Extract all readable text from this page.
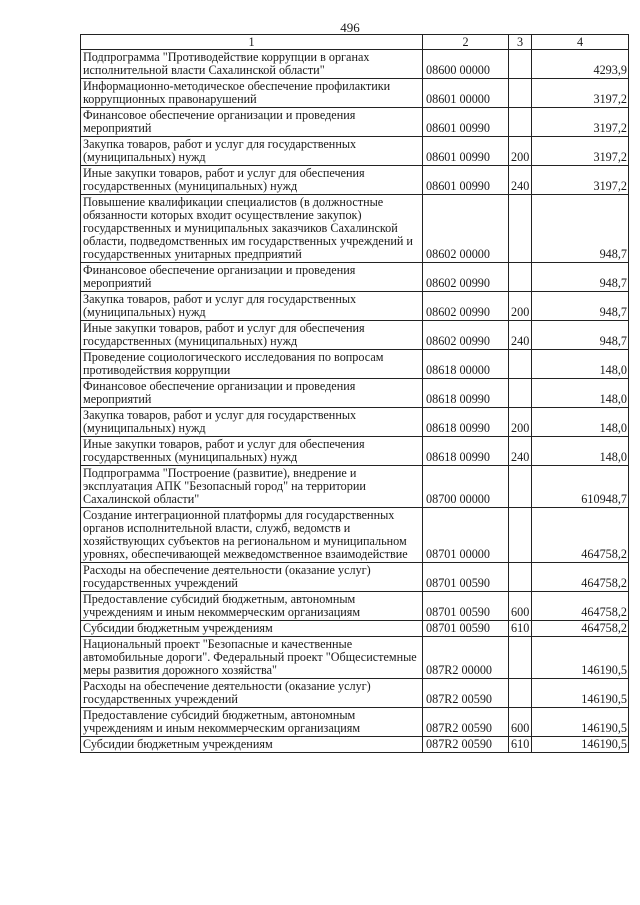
496
1	2	3	4
Подпрограмма "Противодействие коррупции в органах исполнительной власти Сахалинской области"	08600 00000		4293,9
Информационно-методическое обеспечение профилактики коррупционных правонарушений	08601 00000		3197,2
Финансовое обеспечение организации и проведения мероприятий	08601 00990		3197,2
Закупка товаров, работ и услуг для государственных (муниципальных) нужд	08601 00990	200	3197,2
Иные закупки товаров, работ и услуг для обеспечения государственных (муниципальных) нужд	08601 00990	240	3197,2
Повышение квалификации специалистов (в должностные обязанности которых входит осуществление закупок) государственных и муниципальных заказчиков Сахалинской области, подведомственных им государственных учреждений и государственных унитарных предприятий	08602 00000		948,7
Финансовое обеспечение организации и проведения мероприятий	08602 00990		948,7
Закупка товаров, работ и услуг для государственных (муниципальных) нужд	08602 00990	200	948,7
Иные закупки товаров, работ и услуг для обеспечения государственных (муниципальных) нужд	08602 00990	240	948,7
Проведение социологического исследования по вопросам противодействия коррупции	08618 00000		148,0
Финансовое обеспечение организации и проведения мероприятий	08618 00990		148,0
Закупка товаров, работ и услуг для государственных (муниципальных) нужд	08618 00990	200	148,0
Иные закупки товаров, работ и услуг для обеспечения государственных (муниципальных) нужд	08618 00990	240	148,0
Подпрограмма "Построение (развитие), внедрение и эксплуатация АПК "Безопасный город" на территории Сахалинской области"	08700 00000		610948,7
Создание интеграционной платформы для государственных органов исполнительной власти, служб, ведомств и хозяйствующих субъектов на региональном и муниципальном уровнях, обеспечивающей межведомственное взаимодействие	08701 00000		464758,2
Расходы на обеспечение деятельности (оказание услуг) государственных учреждений	08701 00590		464758,2
Предоставление субсидий бюджетным, автономным учреждениям и иным некоммерческим организациям	08701 00590	600	464758,2
Субсидии бюджетным учреждениям	08701 00590	610	464758,2
Национальный проект "Безопасные и качественные автомобильные дороги". Федеральный проект "Общесистемные меры развития дорожного хозяйства"	087R2 00000		146190,5
Расходы на обеспечение деятельности (оказание услуг) государственных учреждений	087R2 00590		146190,5
Предоставление субсидий бюджетным, автономным учреждениям и иным некоммерческим организациям	087R2 00590	600	146190,5
Субсидии бюджетным учреждениям	087R2 00590	610	146190,5
